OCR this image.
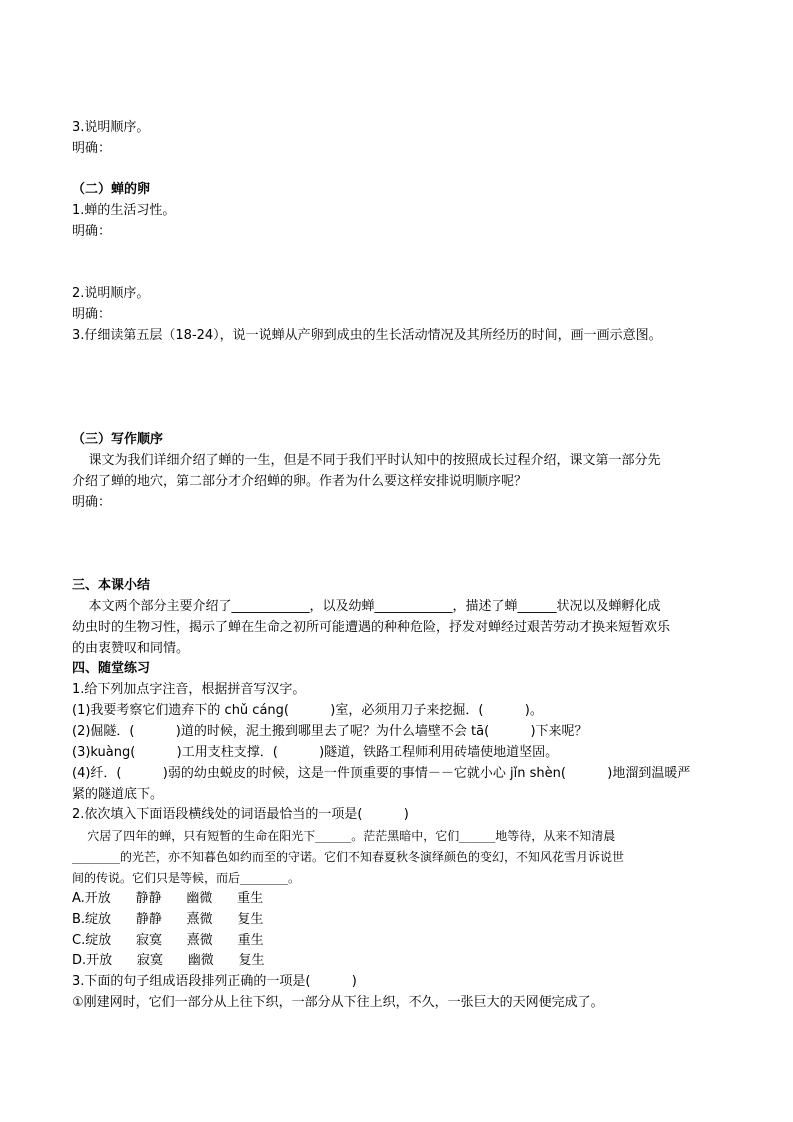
3.说明顺序。
明确：
（二）蝉的卵
1.蝉的生活习性。
明确：
2.说明顺序。
明确：
3.仔细读第五层（18-24），说一说蝉从产卵到成虫的生长活动情况及其所经历的时间，画一画示意图。
（三）写作顺序
课文为我们详细介绍了蝉的一生，但是不同于我们平时认知中的按照成长过程介绍，课文第一部分先
介绍了蝉的地穴，第二部分才介绍蝉的卵。作者为什么要这样安排说明顺序呢？
明确：
三、本课小结
本文两个部分主要介绍了____________，以及幼蝉____________，描述了蝉______状况以及蝉孵化成
幼虫时的生物习性，揭示了蝉在生命之初所可能遭遇的种种危险，抒发对蝉经过艰苦劳动才换来短暂欢乐
的由衷赞叹和同情。
四、随堂练习
1.给下列加点字注音，根据拼音写汉字。
(1)我要考察它们遗弃下的 chǔ cáng(          )室，必须用刀子来挖掘．(          )。
(2)倔隧．(          )道的时候，泥土搬到哪里去了呢？为什么墙壁不会 tā(          )下来呢？
(3)kuàng(          )工用支柱支撑．(          )隧道，铁路工程师利用砖墙使地道坚固。
(4)纤．(          )弱的幼虫蜕皮的时候，这是一件顶重要的事情－－它就小心 jǐn shèn(          )地溜到温暖严
紧的隧道底下。
2.依次填入下面语段横线处的词语最恰当的一项是(          )
穴居了四年的蝉，只有短暂的生命在阳光下______。茫茫黑暗中，它们______地等待，从来不知清晨
________的光芒，亦不知暮色如约而至的守诺。它们不知春夏秋冬演绎颜色的变幻，不知风花雪月诉说世
间的传说。它们只是等候，而后________。
A.开放      静静      幽微      重生
B.绽放      静静      熹微      复生
C.绽放      寂寞      熹微      重生
D.开放      寂寞      幽微      复生
3.下面的句子组成语段排列正确的一项是(          )
①刚建网时，它们一部分从上往下织，一部分从下往上织，不久，一张巨大的天网便完成了。
